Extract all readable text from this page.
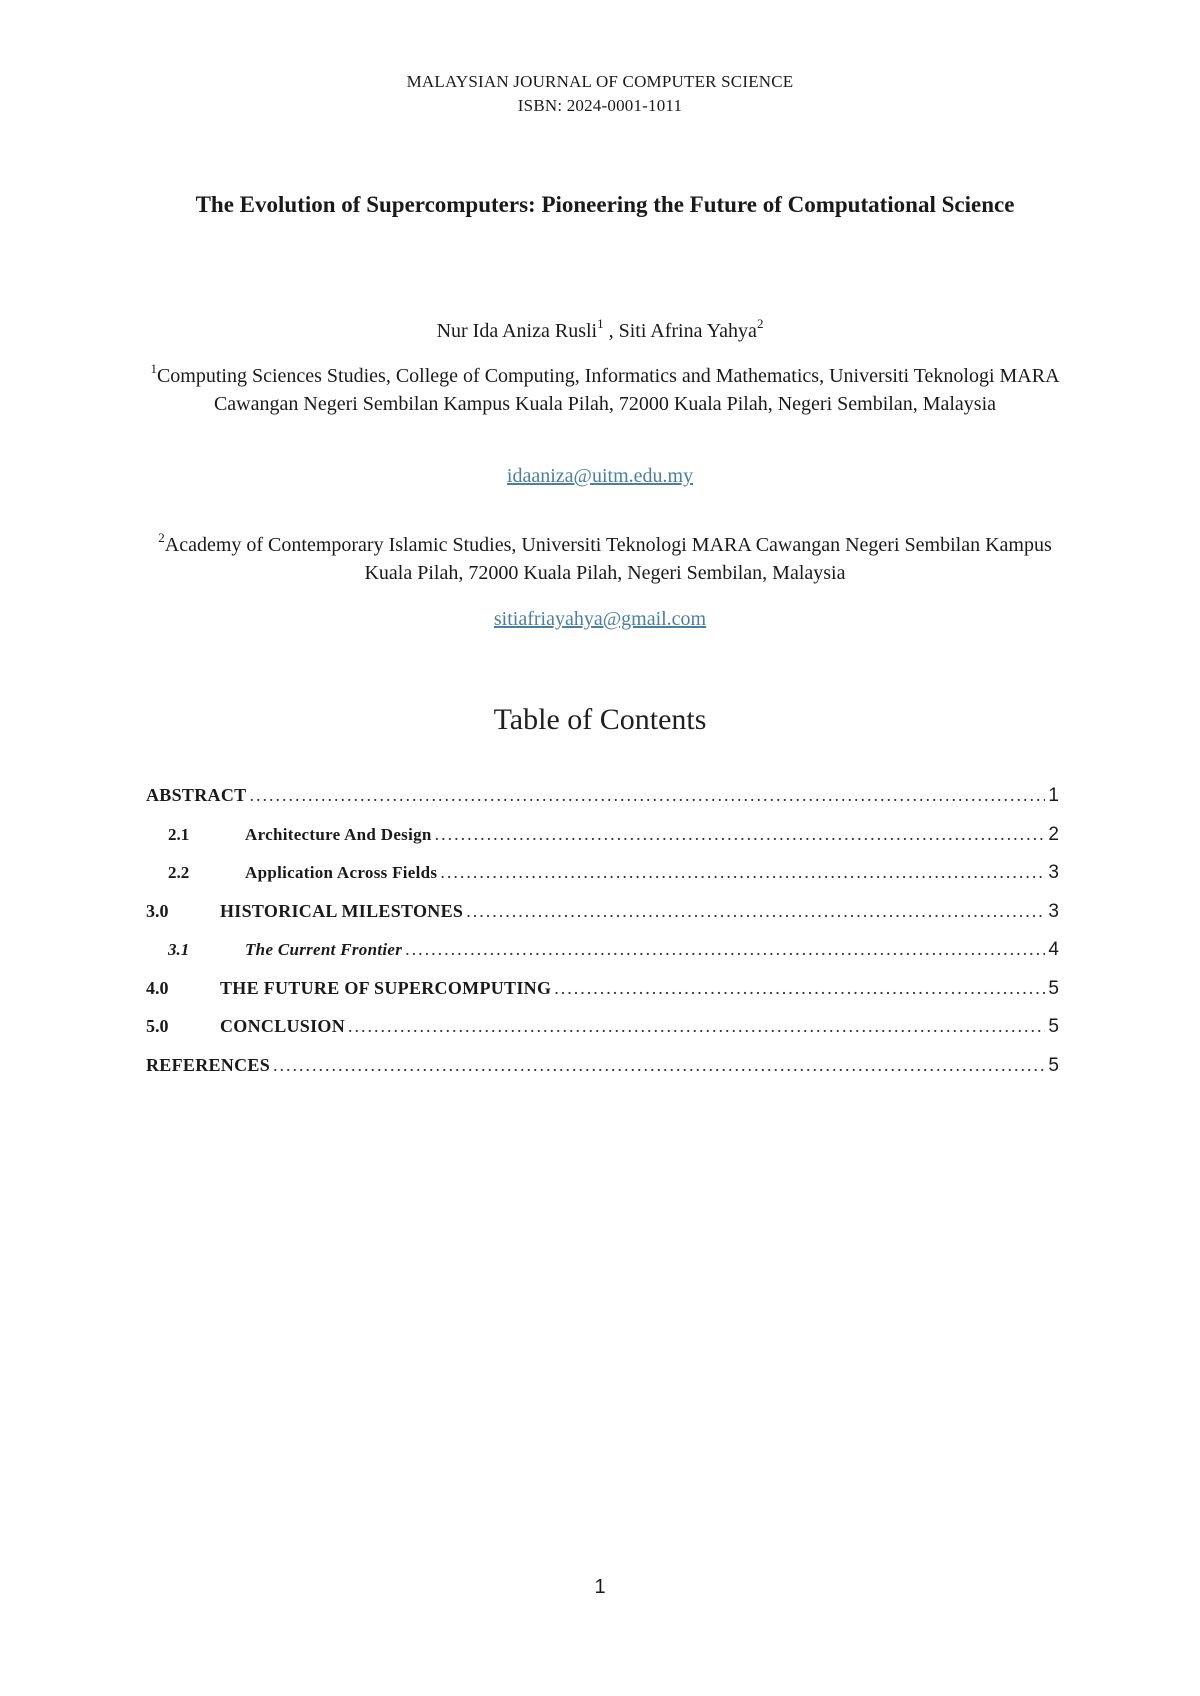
MALAYSIAN JOURNAL OF COMPUTER SCIENCE
ISBN: 2024-0001-1011
The Evolution of Supercomputers: Pioneering the Future of Computational Science
Nur Ida Aniza Rusli$^1$ , Siti Afrina Yahya$^2$
$^1$Computing Sciences Studies, College of Computing, Informatics and Mathematics, Universiti Teknologi MARA Cawangan Negeri Sembilan Kampus Kuala Pilah, 72000 Kuala Pilah, Negeri Sembilan, Malaysia
idaaniza@uitm.edu.my
$^2$Academy of Contemporary Islamic Studies, Universiti Teknologi MARA Cawangan Negeri Sembilan Kampus Kuala Pilah, 72000 Kuala Pilah, Negeri Sembilan, Malaysia
sitiafriayahya@gmail.com
Table of Contents
ABSTRACT .....	1
2.1	Architecture And Design .....	2
2.2	Application Across Fields .....	3
3.0	HISTORICAL MILESTONES .....	3
3.1	The Current Frontier .....	4
4.0	THE FUTURE OF SUPERCOMPUTING .....	5
5.0	CONCLUSION .....	5
REFERENCES .....	5
1
